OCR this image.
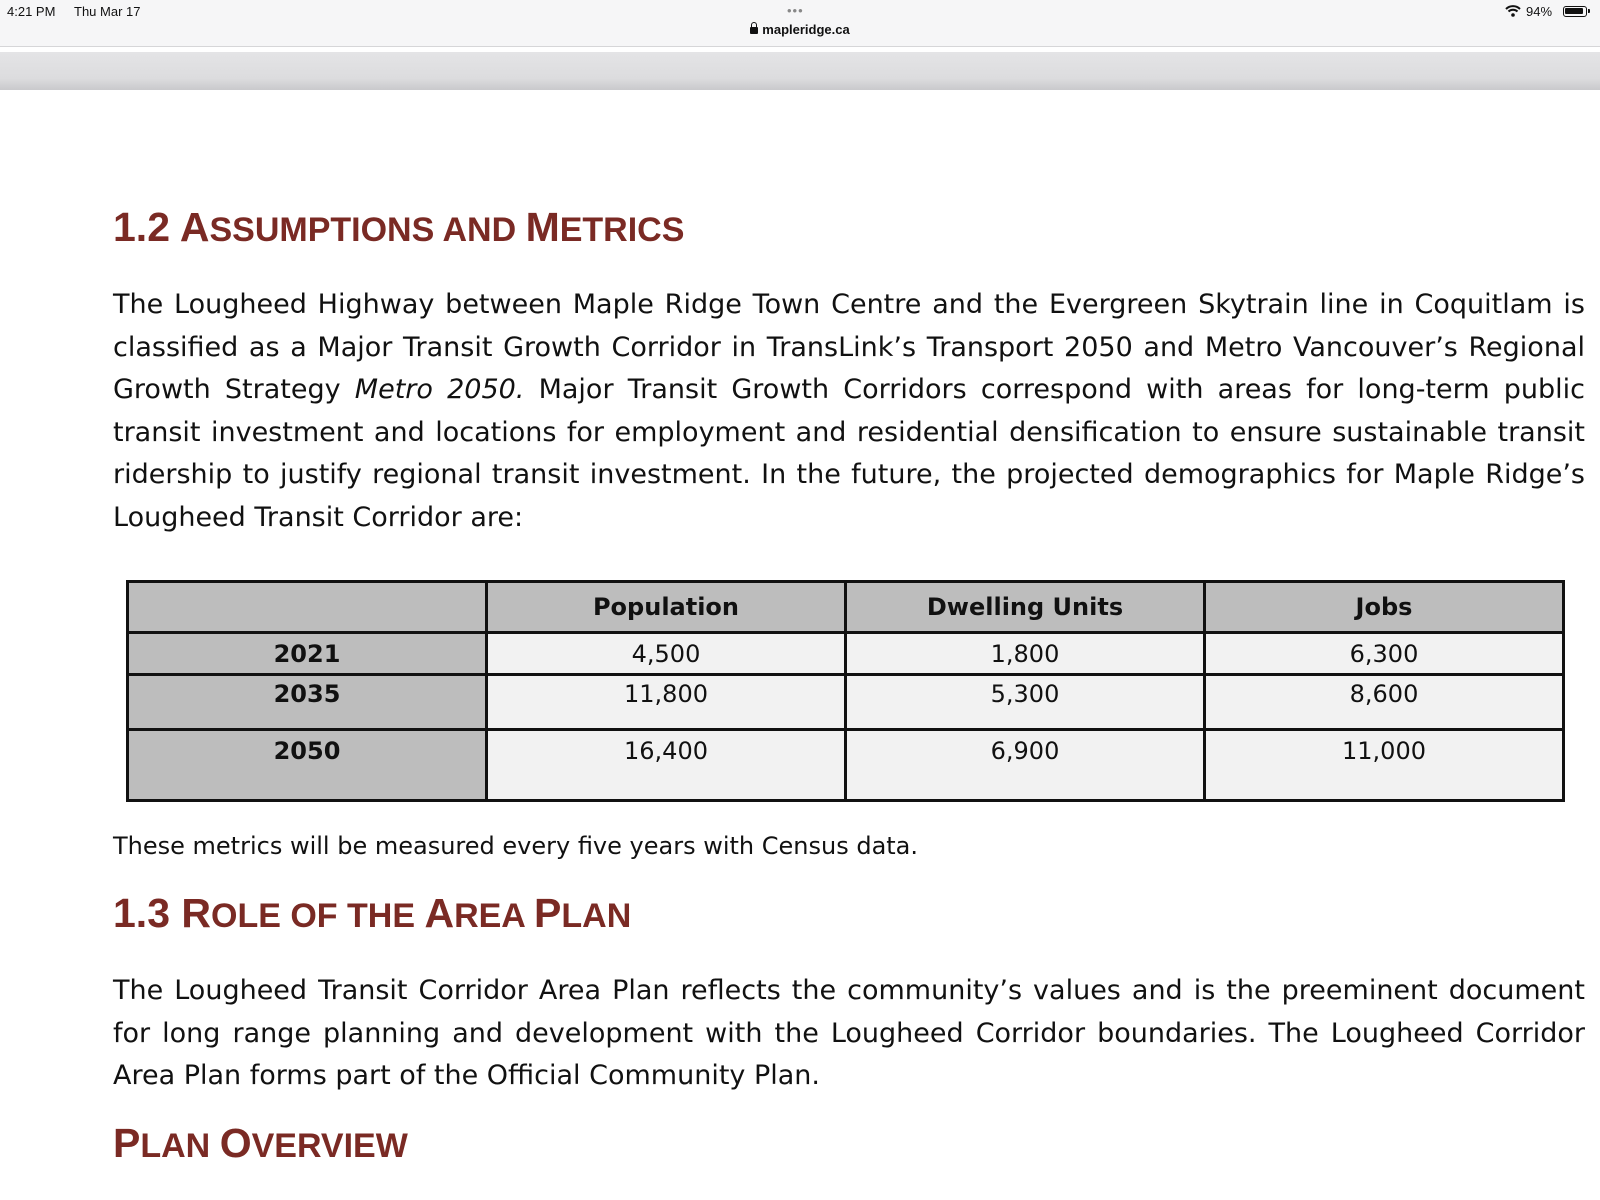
4:21 PM Thu Mar 17	•••
mapleridge.ca
94%
1.2 ASSUMPTIONS AND METRICS

The Lougheed Highway between Maple Ridge Town Centre and the Evergreen Skytrain line in Coquitlam is classified as a Major Transit Growth Corridor in TransLink’s Transport 2050 and Metro Vancouver’s Regional Growth Strategy Metro 2050. Major Transit Growth Corridors correspond with areas for long-term public transit investment and locations for employment and residential densification to ensure sustainable transit ridership to justify regional transit investment. In the future, the projected demographics for Maple Ridge’s Lougheed Transit Corridor are:

	Population	Dwelling Units	Jobs
2021	4,500	1,800	6,300
2035	11,800	5,300	8,600
2050	16,400	6,900	11,000

These metrics will be measured every five years with Census data.

1.3 ROLE OF THE AREA PLAN

The Lougheed Transit Corridor Area Plan reflects the community’s values and is the preeminent document for long range planning and development with the Lougheed Corridor boundaries. The Lougheed Corridor Area Plan forms part of the Official Community Plan.

PLAN OVERVIEW
